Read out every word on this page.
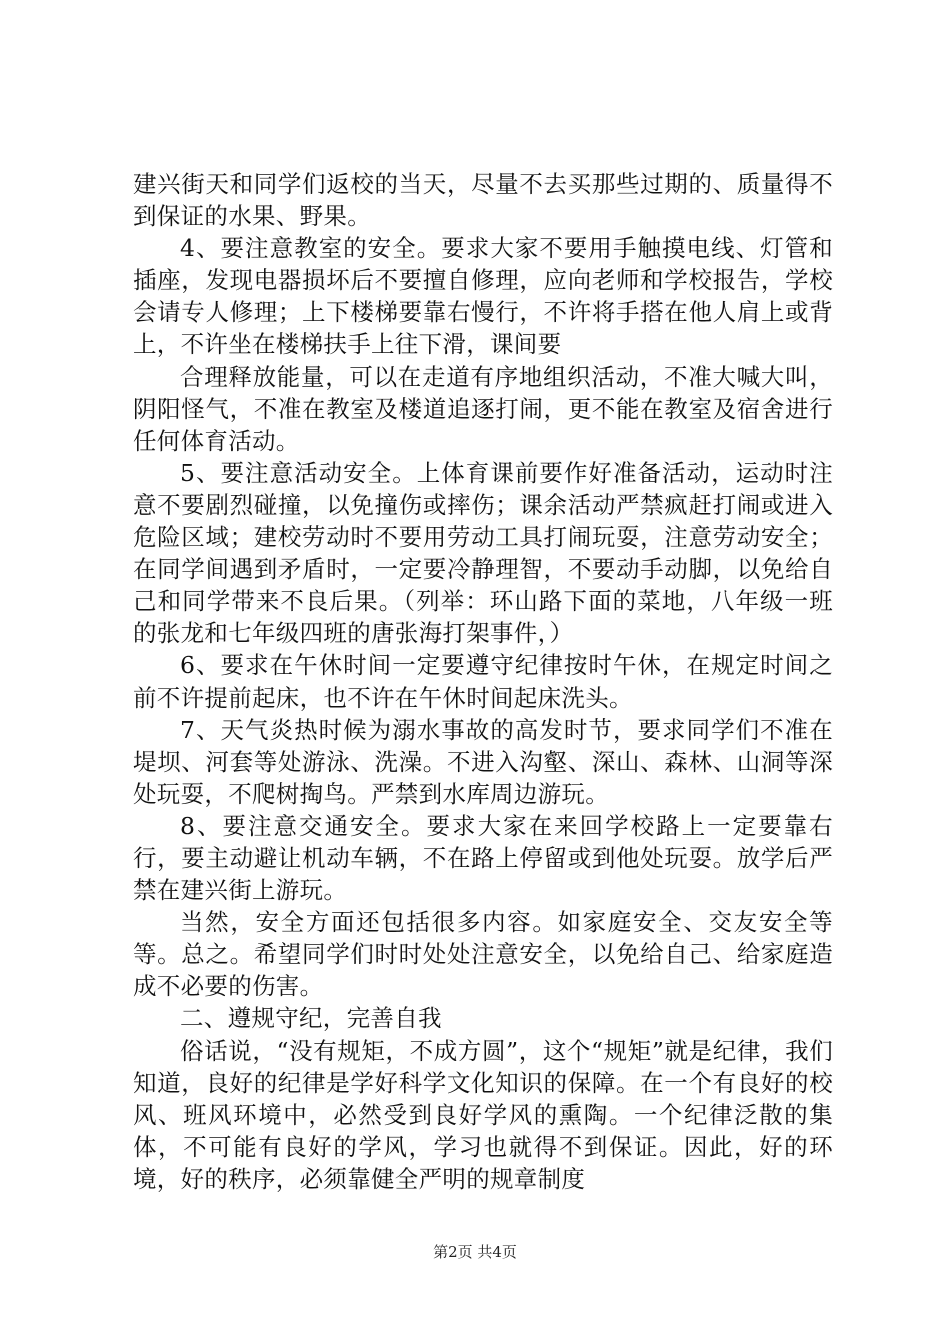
建兴街天和同学们返校的当天，尽量不去买那些过期的、质量得不到保证的水果、野果。

4、要注意教室的安全。要求大家不要用手触摸电线、灯管和插座，发现电器损坏后不要擅自修理，应向老师和学校报告，学校会请专人修理；上下楼梯要靠右慢行，不许将手搭在他人肩上或背上，不许坐在楼梯扶手上往下滑，课间要

合理释放能量，可以在走道有序地组织活动，不准大喊大叫，阴阳怪气，不准在教室及楼道追逐打闹，更不能在教室及宿舍进行任何体育活动。

5、要注意活动安全。上体育课前要作好准备活动，运动时注意不要剧烈碰撞，以免撞伤或摔伤；课余活动严禁疯赶打闹或进入危险区域；建校劳动时不要用劳动工具打闹玩耍，注意劳动安全；在同学间遇到矛盾时，一定要冷静理智，不要动手动脚，以免给自己和同学带来不良后果。（列举：环山路下面的菜地，八年级一班的张龙和七年级四班的唐张海打架事件，）

6、要求在午休时间一定要遵守纪律按时午休，在规定时间之前不许提前起床，也不许在午休时间起床洗头。

7、天气炎热时候为溺水事故的高发时节，要求同学们不准在堤坝、河套等处游泳、洗澡。不进入沟壑、深山、森林、山洞等深处玩耍，不爬树掏鸟。严禁到水库周边游玩。

8、要注意交通安全。要求大家在来回学校路上一定要靠右行，要主动避让机动车辆，不在路上停留或到他处玩耍。放学后严禁在建兴街上游玩。

当然，安全方面还包括很多内容。如家庭安全、交友安全等等。总之。希望同学们时时处处注意安全，以免给自己、给家庭造成不必要的伤害。

二、遵规守纪，完善自我

俗话说，“没有规矩，不成方圆”，这个“规矩”就是纪律，我们知道，良好的纪律是学好科学文化知识的保障。在一个有良好的校风、班风环境中，必然受到良好学风的熏陶。一个纪律泛散的集体，不可能有良好的学风，学习也就得不到保证。因此，好的环境，好的秩序，必须靠健全严明的规章制度

第2页 共4页
